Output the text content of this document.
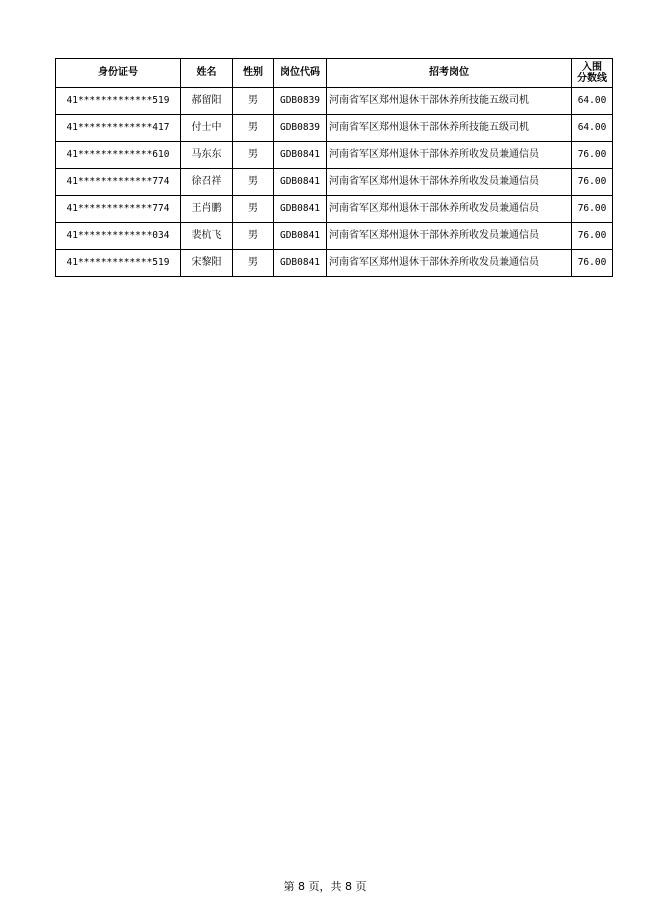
身份证号	姓名	性别	岗位代码	招考岗位	入围
分数线

41*************519	郝留阳	男	GDB0839	河南省军区郑州退休干部休养所技能五级司机	64.00
41*************417	付士中	男	GDB0839	河南省军区郑州退休干部休养所技能五级司机	64.00
41*************610	马东东	男	GDB0841	河南省军区郑州退休干部休养所收发员兼通信员	76.00
41*************774	徐召祥	男	GDB0841	河南省军区郑州退休干部休养所收发员兼通信员	76.00
41*************774	王肖鹏	男	GDB0841	河南省军区郑州退休干部休养所收发员兼通信员	76.00
41*************034	裴杭飞	男	GDB0841	河南省军区郑州退休干部休养所收发员兼通信员	76.00
41*************519	宋黎阳	男	GDB0841	河南省军区郑州退休干部休养所收发员兼通信员	76.00
第 8 页，共 8 页
